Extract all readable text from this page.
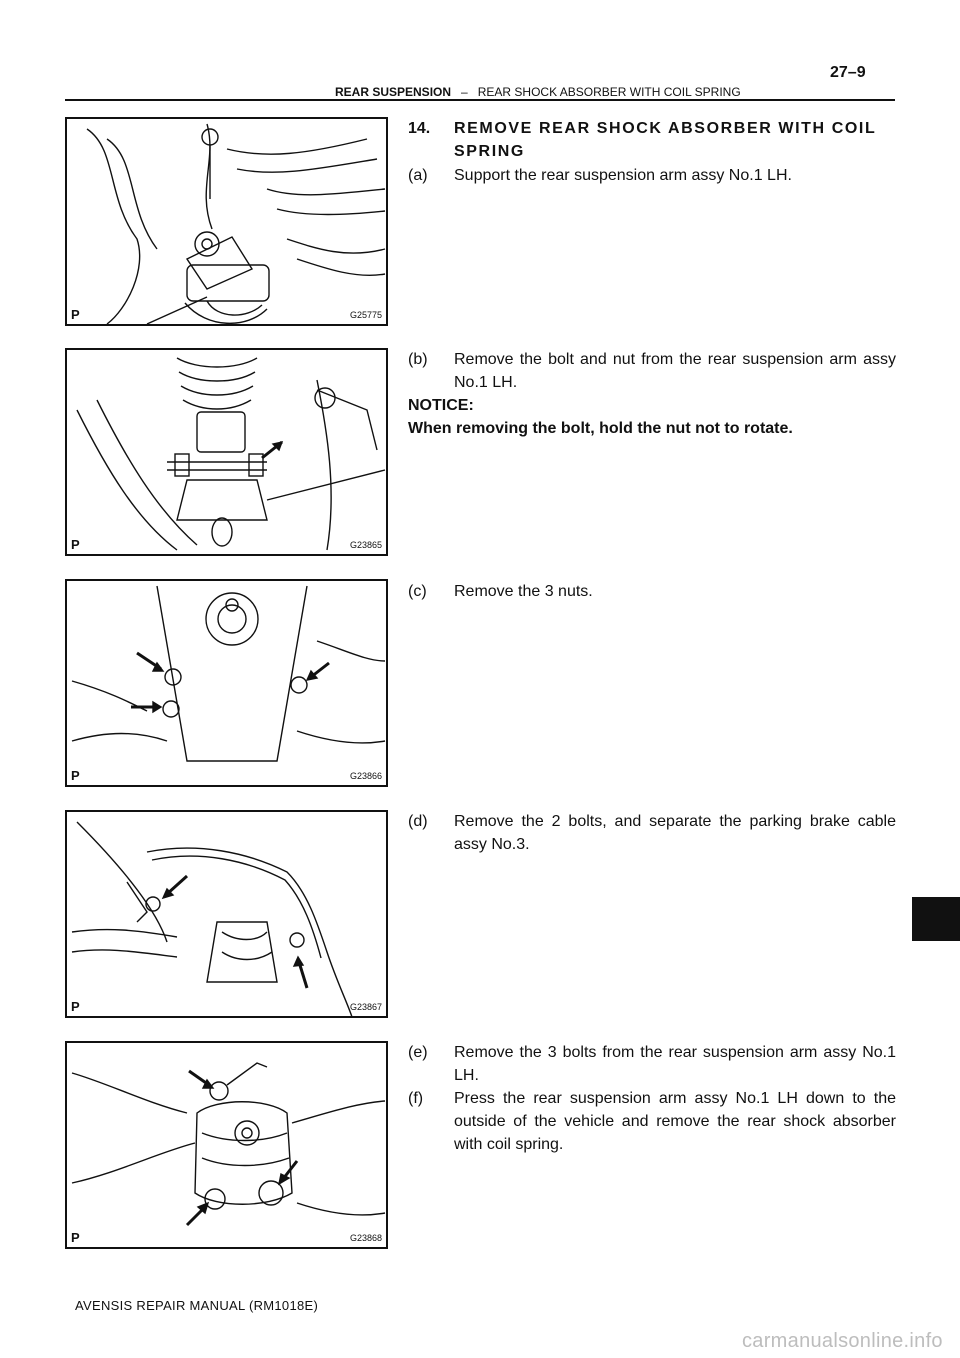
27–9
REAR SUSPENSION – REAR SHOCK ABSORBER WITH COIL SPRING
P	G25775
P	G23865
P	G23866
P	G23867
P	G23868
14. REMOVE REAR SHOCK ABSORBER WITH COIL SPRING
(a) Support the rear suspension arm assy No.1 LH.
(b) Remove the bolt and nut from the rear suspension arm assy No.1 LH.
NOTICE:
When removing the bolt, hold the nut not to rotate.
(c) Remove the 3 nuts.
(d) Remove the 2 bolts, and separate the parking brake cable assy No.3.
(e) Remove the 3 bolts from the rear suspension arm assy No.1 LH.
(f) Press the rear suspension arm assy No.1 LH down to the outside of the vehicle and remove the rear shock absorber with coil spring.
AVENSIS REPAIR MANUAL (RM1018E)
carmanualsonline.info
